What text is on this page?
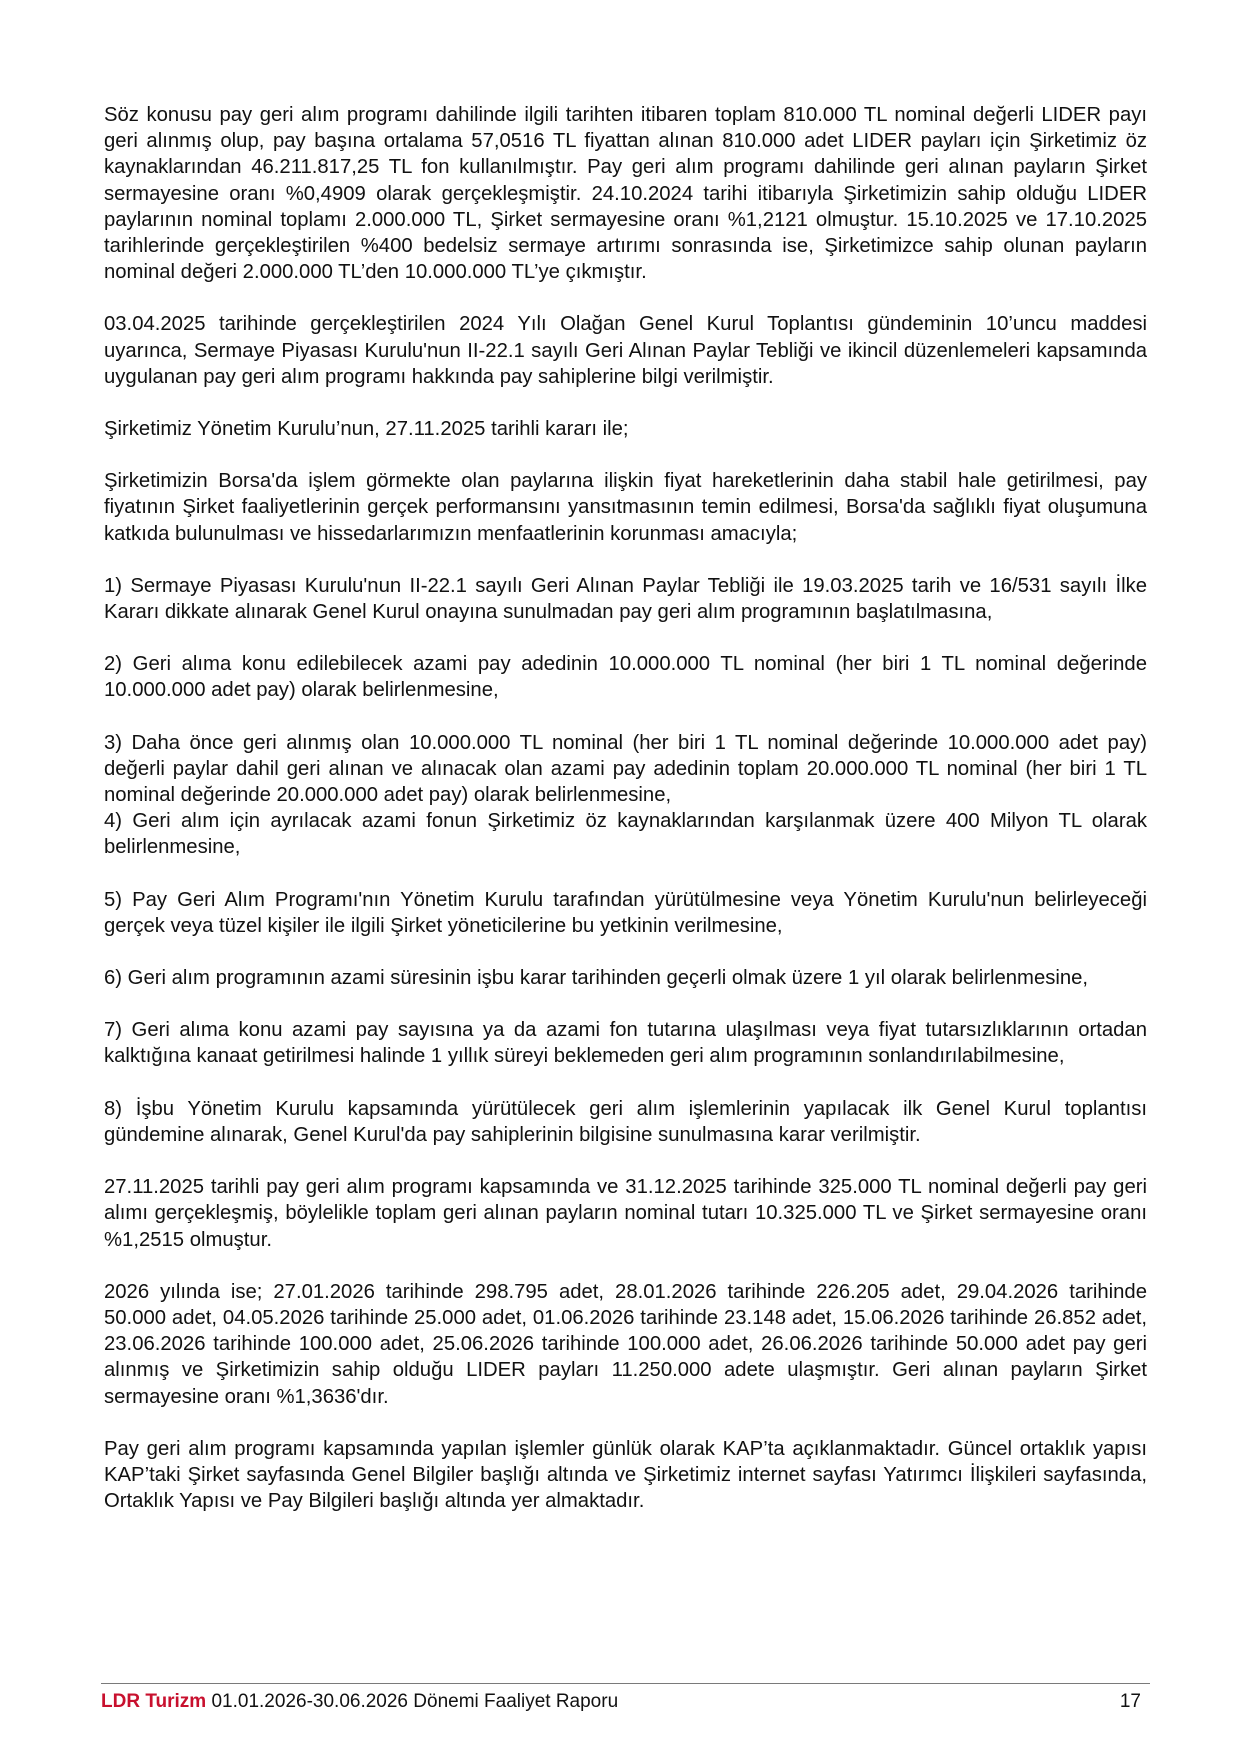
Söz konusu pay geri alım programı dahilinde ilgili tarihten itibaren toplam 810.000 TL nominal değerli LIDER payı geri alınmış olup, pay başına ortalama 57,0516 TL fiyattan alınan 810.000 adet LIDER payları için Şirketimiz öz kaynaklarından 46.211.817,25 TL fon kullanılmıştır. Pay geri alım programı dahilinde geri alınan payların Şirket sermayesine oranı %0,4909 olarak gerçekleşmiştir. 24.10.2024 tarihi itibarıyla Şirketimizin sahip olduğu LIDER paylarının nominal toplamı 2.000.000 TL, Şirket sermayesine oranı %1,2121 olmuştur. 15.10.2025 ve 17.10.2025 tarihlerinde gerçekleştirilen %400 bedelsiz sermaye artırımı sonrasında ise, Şirketimizce sahip olunan payların nominal değeri 2.000.000 TL’den 10.000.000 TL’ye çıkmıştır.

03.04.2025 tarihinde gerçekleştirilen 2024 Yılı Olağan Genel Kurul Toplantısı gündeminin 10’uncu maddesi uyarınca, Sermaye Piyasası Kurulu'nun II-22.1 sayılı Geri Alınan Paylar Tebliği ve ikincil düzenlemeleri kapsamında uygulanan pay geri alım programı hakkında pay sahiplerine bilgi verilmiştir.

Şirketimiz Yönetim Kurulu’nun, 27.11.2025 tarihli kararı ile;

Şirketimizin Borsa'da işlem görmekte olan paylarına ilişkin fiyat hareketlerinin daha stabil hale getirilmesi, pay fiyatının Şirket faaliyetlerinin gerçek performansını yansıtmasının temin edilmesi, Borsa'da sağlıklı fiyat oluşumuna katkıda bulunulması ve hissedarlarımızın menfaatlerinin korunması amacıyla;

1) Sermaye Piyasası Kurulu'nun II-22.1 sayılı Geri Alınan Paylar Tebliği ile 19.03.2025 tarih ve 16/531 sayılı İlke Kararı dikkate alınarak Genel Kurul onayına sunulmadan pay geri alım programının başlatılmasına,

2) Geri alıma konu edilebilecek azami pay adedinin 10.000.000 TL nominal (her biri 1 TL nominal değerinde 10.000.000 adet pay) olarak belirlenmesine,

3) Daha önce geri alınmış olan 10.000.000 TL nominal (her biri 1 TL nominal değerinde 10.000.000 adet pay) değerli paylar dahil geri alınan ve alınacak olan azami pay adedinin toplam 20.000.000 TL nominal (her biri 1 TL nominal değerinde 20.000.000 adet pay) olarak belirlenmesine,

4) Geri alım için ayrılacak azami fonun Şirketimiz öz kaynaklarından karşılanmak üzere 400 Milyon TL olarak belirlenmesine,

5) Pay Geri Alım Programı'nın Yönetim Kurulu tarafından yürütülmesine veya Yönetim Kurulu'nun belirleyeceği gerçek veya tüzel kişiler ile ilgili Şirket yöneticilerine bu yetkinin verilmesine,

6) Geri alım programının azami süresinin işbu karar tarihinden geçerli olmak üzere 1 yıl olarak belirlenmesine,

7) Geri alıma konu azami pay sayısına ya da azami fon tutarına ulaşılması veya fiyat tutarsızlıklarının ortadan kalktığına kanaat getirilmesi halinde 1 yıllık süreyi beklemeden geri alım programının sonlandırılabilmesine,

8) İşbu Yönetim Kurulu kapsamında yürütülecek geri alım işlemlerinin yapılacak ilk Genel Kurul toplantısı gündemine alınarak, Genel Kurul'da pay sahiplerinin bilgisine sunulmasına karar verilmiştir.

27.11.2025 tarihli pay geri alım programı kapsamında ve 31.12.2025 tarihinde 325.000 TL nominal değerli pay geri alımı gerçekleşmiş, böylelikle toplam geri alınan payların nominal tutarı 10.325.000 TL ve Şirket sermayesine oranı %1,2515 olmuştur.

2026 yılında ise; 27.01.2026 tarihinde 298.795 adet, 28.01.2026 tarihinde 226.205 adet, 29.04.2026 tarihinde 50.000 adet, 04.05.2026 tarihinde 25.000 adet, 01.06.2026 tarihinde 23.148 adet, 15.06.2026 tarihinde 26.852 adet, 23.06.2026 tarihinde 100.000 adet, 25.06.2026 tarihinde 100.000 adet, 26.06.2026 tarihinde 50.000 adet pay geri alınmış ve Şirketimizin sahip olduğu LIDER payları 11.250.000 adete ulaşmıştır. Geri alınan payların Şirket sermayesine oranı %1,3636'dır.

Pay geri alım programı kapsamında yapılan işlemler günlük olarak KAP’ta açıklanmaktadır. Güncel ortaklık yapısı KAP’taki Şirket sayfasında Genel Bilgiler başlığı altında ve Şirketimiz internet sayfası Yatırımcı İlişkileri sayfasında, Ortaklık Yapısı ve Pay Bilgileri başlığı altında yer almaktadır.

LDR Turizm 01.01.2026-30.06.2026 Dönemi Faaliyet Raporu	17
